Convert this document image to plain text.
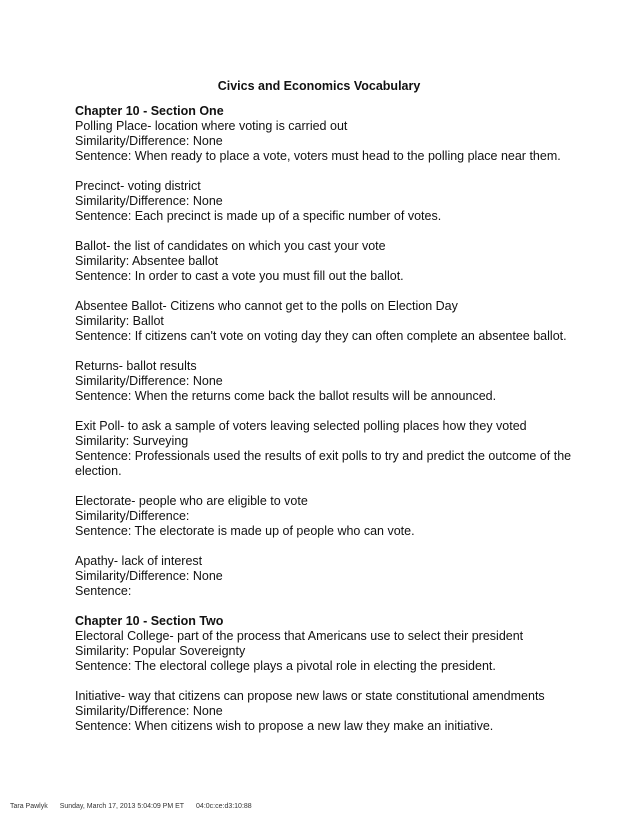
Civics and Economics Vocabulary
Chapter 10 - Section One
Polling Place- location where voting is carried out
Similarity/Difference: None
Sentence: When ready to place a vote, voters must head to the polling place near them.
Precinct- voting district
Similarity/Difference: None
Sentence: Each precinct is made up of a specific number of votes.
Ballot- the list of candidates on which you cast your vote
Similarity: Absentee ballot
Sentence: In order to cast a vote you must fill out the ballot.
Absentee Ballot- Citizens who cannot get to the polls on Election Day
Similarity: Ballot
Sentence: If citizens can't vote on voting day they can often complete an absentee ballot.
Returns- ballot results
Similarity/Difference: None
Sentence: When the returns come back the ballot results will be announced.
Exit Poll- to ask a sample of voters leaving selected polling places how they voted
Similarity: Surveying
Sentence: Professionals used the results of exit polls to try and predict the outcome of the election.
Electorate- people who are eligible to vote
Similarity/Difference:
Sentence: The electorate is made up of people who can vote.
Apathy- lack of interest
Similarity/Difference: None
Sentence:
Chapter 10 - Section Two
Electoral College- part of the process that Americans use to select their president
Similarity: Popular Sovereignty
Sentence: The electoral college plays a pivotal role in electing the president.
Initiative- way that citizens can propose new laws or state constitutional amendments
Similarity/Difference: None
Sentence: When citizens wish to propose a new law they make an initiative.
Tara Pawlyk Sunday, March 17, 2013 5:04:09 PM ET 04:0c:ce:d3:10:88
